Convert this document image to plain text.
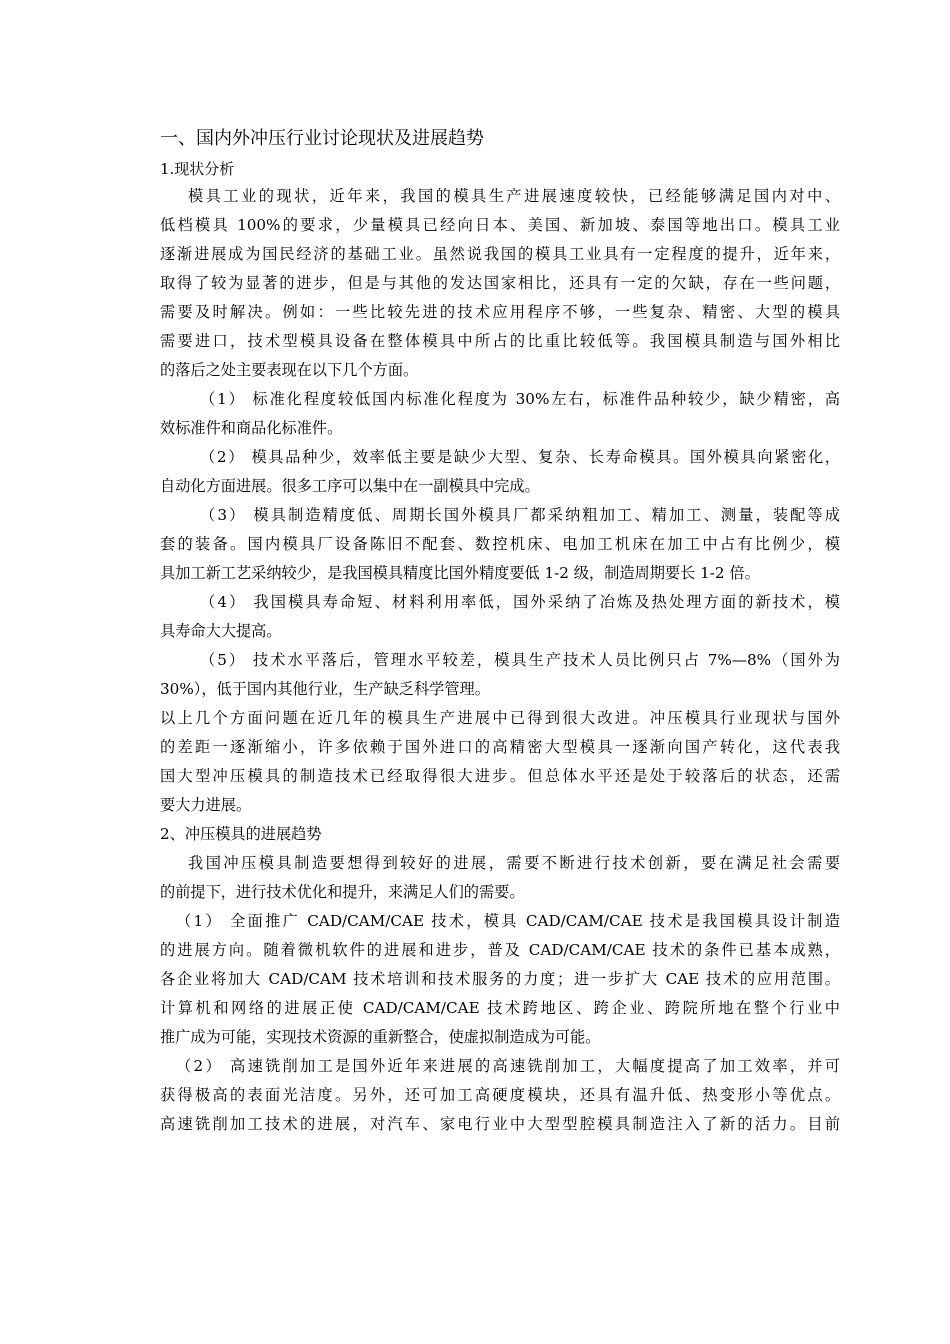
一、国内外冲压行业讨论现状及进展趋势
1.现状分析
模具工业的现状，近年来，我国的模具生产进展速度较快，已经能够满足国内对中、
低档模具 100%的要求，少量模具已经向日本、美国、新加坡、泰国等地出口。模具工业
逐渐进展成为国民经济的基础工业。虽然说我国的模具工业具有一定程度的提升，近年来，
取得了较为显著的进步，但是与其他的发达国家相比，还具有一定的欠缺，存在一些问题，
需要及时解决。例如：一些比较先进的技术应用程序不够，一些复杂、精密、大型的模具
需要进口，技术型模具设备在整体模具中所占的比重比较低等。我国模具制造与国外相比
的落后之处主要表现在以下几个方面。
（1） 标准化程度较低国内标准化程度为 30%左右，标准件品种较少，缺少精密，高
效标准件和商品化标准件。
（2） 模具品种少，效率低主要是缺少大型、复杂、长寿命模具。国外模具向紧密化，
自动化方面进展。很多工序可以集中在一副模具中完成。
（3） 模具制造精度低、周期长国外模具厂都采纳粗加工、精加工、测量，装配等成
套的装备。国内模具厂设备陈旧不配套、数控机床、电加工机床在加工中占有比例少，模
具加工新工艺采纳较少，是我国模具精度比国外精度要低 1-2 级，制造周期要长 1-2 倍。
（4） 我国模具寿命短、材料利用率低，国外采纳了冶炼及热处理方面的新技术，模
具寿命大大提高。
（5） 技术水平落后，管理水平较差，模具生产技术人员比例只占 7%—8%（国外为
30%），低于国内其他行业，生产缺乏科学管理。
以上几个方面问题在近几年的模具生产进展中已得到很大改进。冲压模具行业现状与国外
的差距一逐渐缩小，许多依赖于国外进口的高精密大型模具一逐渐向国产转化，这代表我
国大型冲压模具的制造技术已经取得很大进步。但总体水平还是处于较落后的状态，还需
要大力进展。
2、冲压模具的进展趋势
我国冲压模具制造要想得到较好的进展，需要不断进行技术创新，要在满足社会需要
的前提下，进行技术优化和提升，来满足人们的需要。
（1） 全面推广 CAD/CAM/CAE 技术，模具 CAD/CAM/CAE 技术是我国模具设计制造
的进展方向。随着微机软件的进展和进步，普及 CAD/CAM/CAE 技术的条件已基本成熟，
各企业将加大 CAD/CAM 技术培训和技术服务的力度；进一步扩大 CAE 技术的应用范围。
计算机和网络的进展正使 CAD/CAM/CAE 技术跨地区、跨企业、跨院所地在整个行业中
推广成为可能，实现技术资源的重新整合，使虚拟制造成为可能。
（2） 高速铣削加工是国外近年来进展的高速铣削加工，大幅度提高了加工效率，并可
获得极高的表面光洁度。另外，还可加工高硬度模块，还具有温升低、热变形小等优点。
高速铣削加工技术的进展，对汽车、家电行业中大型型腔模具制造注入了新的活力。目前
